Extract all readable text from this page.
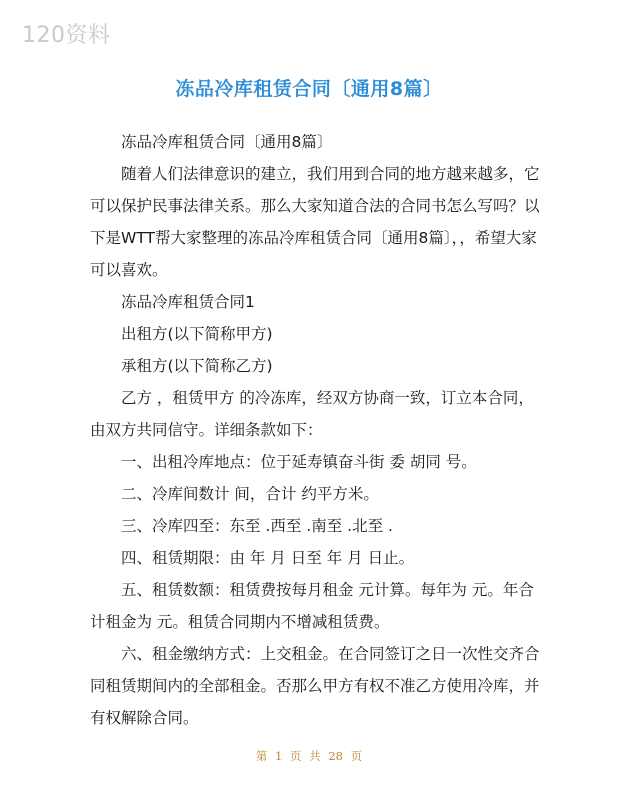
120资料
冻品冷库租赁合同〔通用8篇〕

冻品冷库租赁合同〔通用8篇〕

随着人们法律意识的建立，我们用到合同的地方越来越多，它可以保护民事法律关系。那么大家知道合法的合同书怎么写吗？以下是WTT帮大家整理的冻品冷库租赁合同〔通用8篇〕，，希望大家可以喜欢。

冻品冷库租赁合同1

出租方(以下简称甲方)

承租方(以下简称乙方)

乙方 ，租赁甲方 的冷冻库，经双方协商一致，订立本合同，由双方共同信守。详细条款如下：

一、出租冷库地点：位于延寿镇奋斗街 委 胡同 号。

二、冷库间数计 间，合计 约平方米。

三、冷库四至：东至 .西至 .南至 .北至 .

四、租赁期限：由 年 月 日至 年 月 日止。

五、租赁数额：租赁费按每月租金 元计算。每年为 元。年合计租金为 元。租赁合同期内不增减租赁费。

六、租金缴纳方式：上交租金。在合同签订之日一次性交齐合同租赁期间内的全部租金。否那么甲方有权不准乙方使用冷库，并有权解除合同。

第 1 页 共 28 页
